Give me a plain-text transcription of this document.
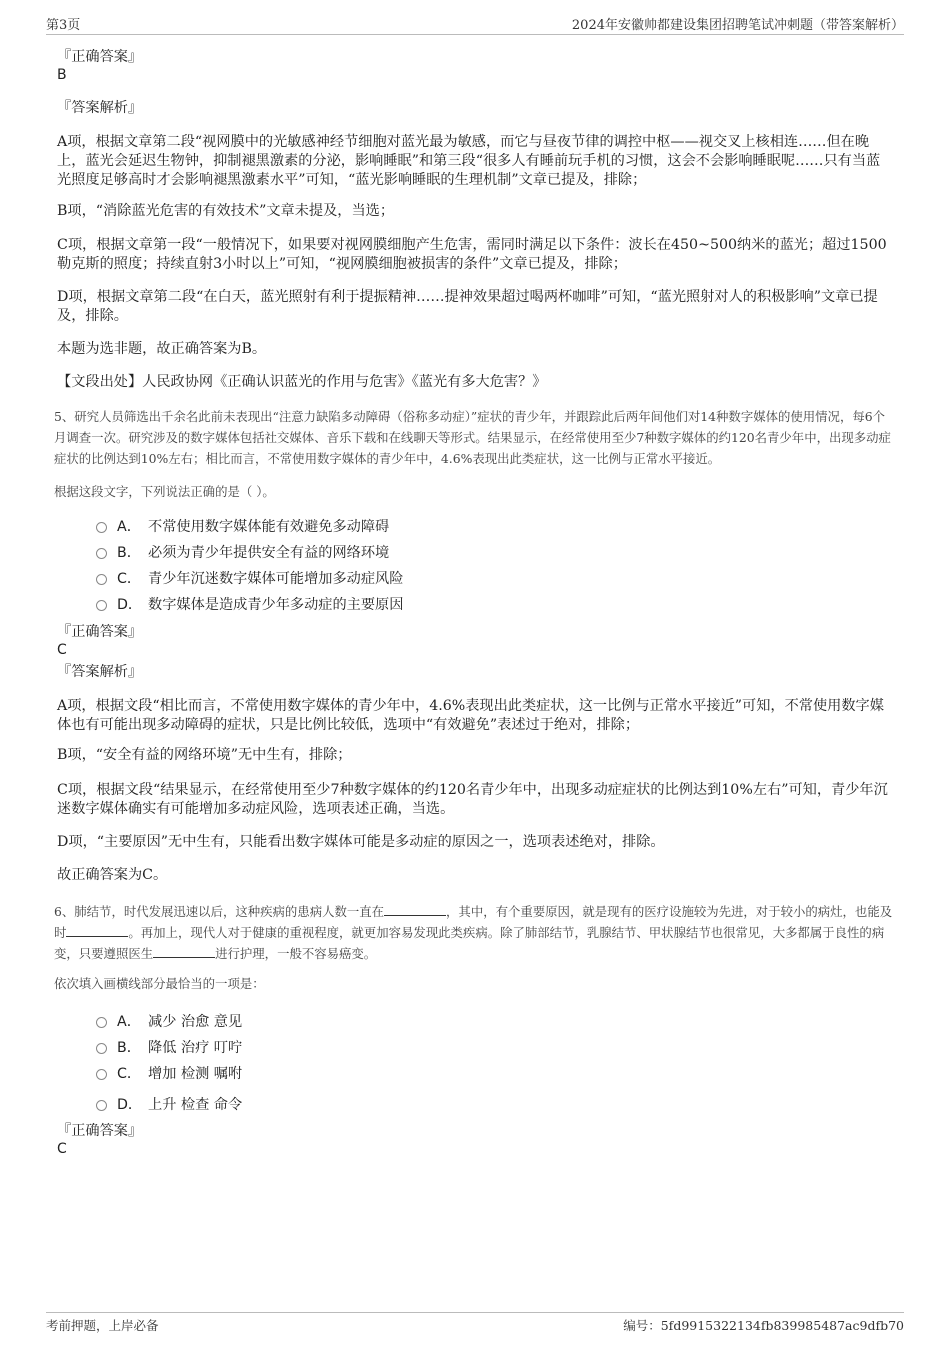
第3页	2024年安徽帅都建设集团招聘笔试冲刺题（带答案解析）
『正确答案』
B
『答案解析』
A项，根据文章第二段“视网膜中的光敏感神经节细胞对蓝光最为敏感，而它与昼夜节律的调控中枢——视交叉上核相连……但在晚上，蓝光会延迟生物钟，抑制褪黑激素的分泌，影响睡眠”和第三段“很多人有睡前玩手机的习惯，这会不会影响睡眠呢……只有当蓝光照度足够高时才会影响褪黑激素水平”可知，“蓝光影响睡眠的生理机制”文章已提及，排除；
B项，“消除蓝光危害的有效技术”文章未提及，当选；
C项，根据文章第一段“一般情况下，如果要对视网膜细胞产生危害，需同时满足以下条件：波长在450~500纳米的蓝光；超过1500勒克斯的照度；持续直射3小时以上”可知，“视网膜细胞被损害的条件”文章已提及，排除；
D项，根据文章第二段“在白天，蓝光照射有利于提振精神……提神效果超过喝两杯咖啡”可知，“蓝光照射对人的积极影响”文章已提及，排除。
本题为选非题，故正确答案为B。
【文段出处】人民政协网《正确认识蓝光的作用与危害》《蓝光有多大危害？》
5、研究人员筛选出千余名此前未表现出“注意力缺陷多动障碍（俗称多动症）”症状的青少年，并跟踪此后两年间他们对14种数字媒体的使用情况，每6个月调查一次。研究涉及的数字媒体包括社交媒体、音乐下载和在线聊天等形式。结果显示，在经常使用至少7种数字媒体的约120名青少年中，出现多动症症状的比例达到10%左右；相比而言，不常使用数字媒体的青少年中，4.6%表现出此类症状，这一比例与正常水平接近。
根据这段文字，下列说法正确的是（ ）。
A． 不常使用数字媒体能有效避免多动障碍
B． 必须为青少年提供安全有益的网络环境
C． 青少年沉迷数字媒体可能增加多动症风险
D． 数字媒体是造成青少年多动症的主要原因
『正确答案』
C
『答案解析』
A项，根据文段“相比而言，不常使用数字媒体的青少年中，4.6%表现出此类症状，这一比例与正常水平接近”可知，不常使用数字媒体也有可能出现多动障碍的症状，只是比例比较低，选项中“有效避免”表述过于绝对，排除；
B项，“安全有益的网络环境”无中生有，排除；
C项，根据文段“结果显示，在经常使用至少7种数字媒体的约120名青少年中，出现多动症症状的比例达到10%左右”可知，青少年沉迷数字媒体确实有可能增加多动症风险，选项表述正确，当选。
D项，“主要原因”无中生有，只能看出数字媒体可能是多动症的原因之一，选项表述绝对，排除。
故正确答案为C。
6、肺结节，时代发展迅速以后，这种疾病的患病人数一直在	，其中，有个重要原因，就是现有的医疗设施较为先进，对于较小的病灶，也能及时	。再加上，现代人对于健康的重视程度，就更加容易发现此类疾病。除了肺部结节，乳腺结节、甲状腺结节也很常见，大多都属于良性的病变，只要遵照医生	进行护理，一般不容易癌变。
依次填入画横线部分最恰当的一项是：
A． 减少 治愈 意见
B． 降低 治疗 叮咛
C． 增加 检测 嘱咐
D． 上升 检查 命令
『正确答案』
C
考前押题，上岸必备	编号：5fd9915322134fb839985487ac9dfb70
